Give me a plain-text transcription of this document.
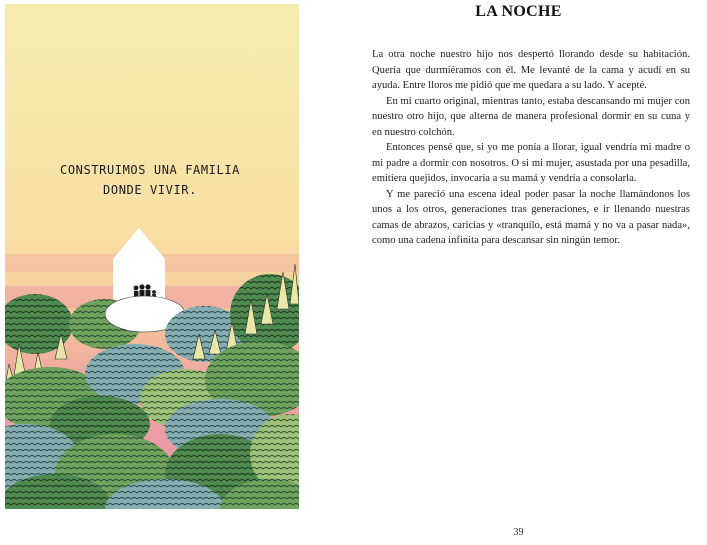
CONSTRUIMOS UNA FAMILIA
DONDE VIVIR.
LA NOCHE

La otra noche nuestro hijo nos despertó llorando desde su habitación. Quería que durmiéramos con él. Me levanté de la cama y acudí en su ayuda. Entre lloros me pidió que me quedara a su lado. Y acepté.

En mi cuarto original, mientras tanto, estaba descansando mi mujer con nuestro otro hijo, que alterna de manera profesional dormir en su cuna y en nuestro colchón.

Entonces pensé que, si yo me ponía a llorar, igual vendría mi madre o mi padre a dormir con nosotros. O si mi mujer, asustada por una pesadilla, emitiera quejidos, invocaría a su mamá y vendría a consolarla.

Y me pareció una escena ideal poder pasar la noche llamándonos los unos a los otros, generaciones tras generaciones, e ir llenando nuestras camas de abrazos, caricias y «tranquilo, está mamá y no va a pasar nada», como una cadena infinita para descansar sin ningún temor.

39
